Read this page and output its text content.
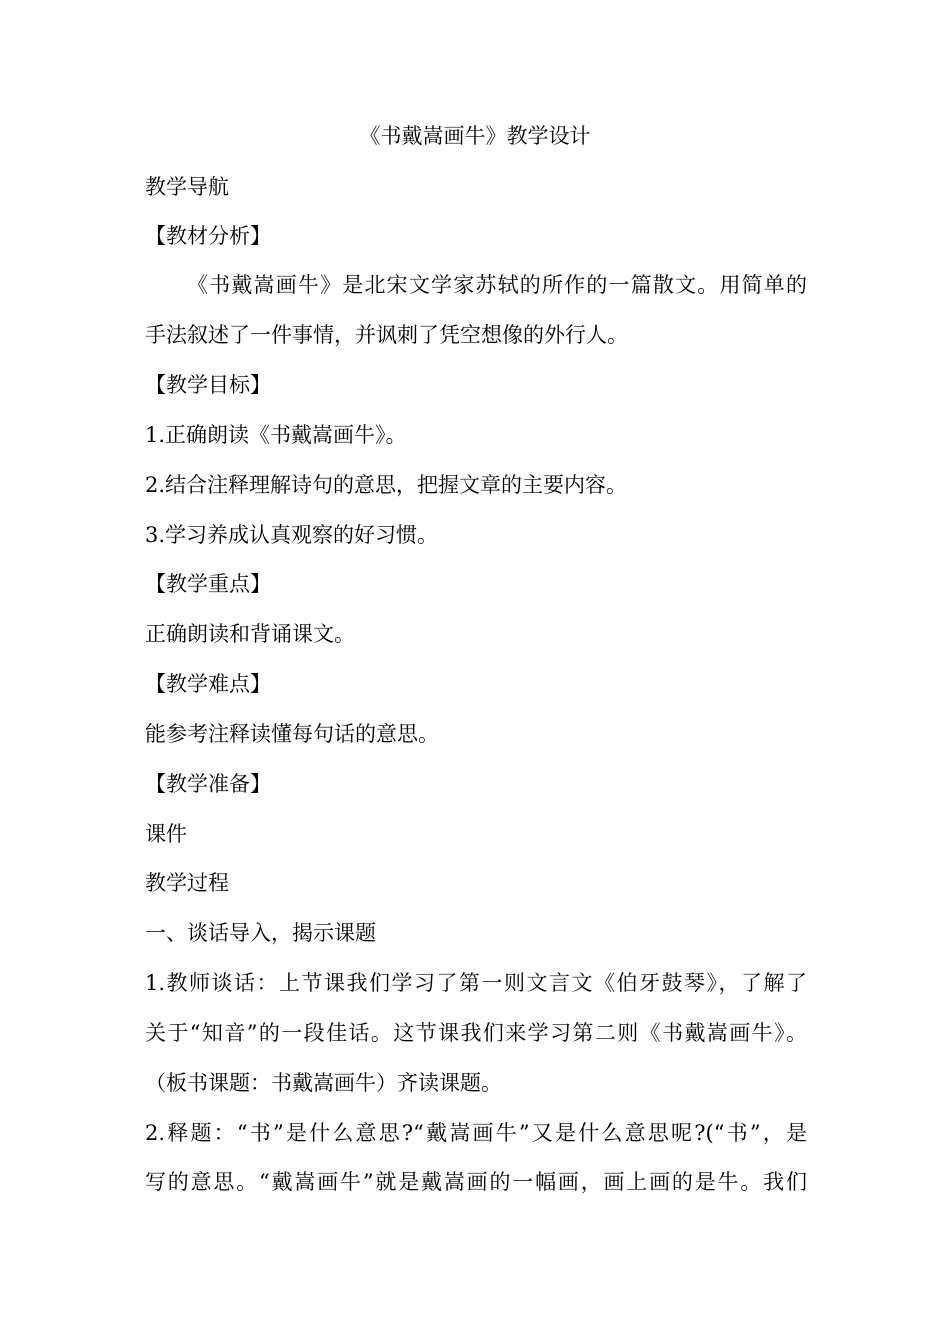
《书戴嵩画牛》教学设计
教学导航
【教材分析】
《书戴嵩画牛》是北宋文学家苏轼的所作的一篇散文。用简单的
手法叙述了一件事情，并讽刺了凭空想像的外行人。
【教学目标】
1.正确朗读《书戴嵩画牛》。
2.结合注释理解诗句的意思，把握文章的主要内容。
3.学习养成认真观察的好习惯。
【教学重点】
正确朗读和背诵课文。
【教学难点】
能参考注释读懂每句话的意思。
【教学准备】
课件
教学过程
一、谈话导入，揭示课题
1.教师谈话：上节课我们学习了第一则文言文《伯牙鼓琴》，了解了
关于“知音”的一段佳话。这节课我们来学习第二则《书戴嵩画牛》。
（板书课题：书戴嵩画牛）齐读课题。
2.释题：“书”是什么意思?“戴嵩画牛”又是什么意思呢?(“书”，是
写的意思。“戴嵩画牛”就是戴嵩画的一幅画，画上画的是牛。我们
